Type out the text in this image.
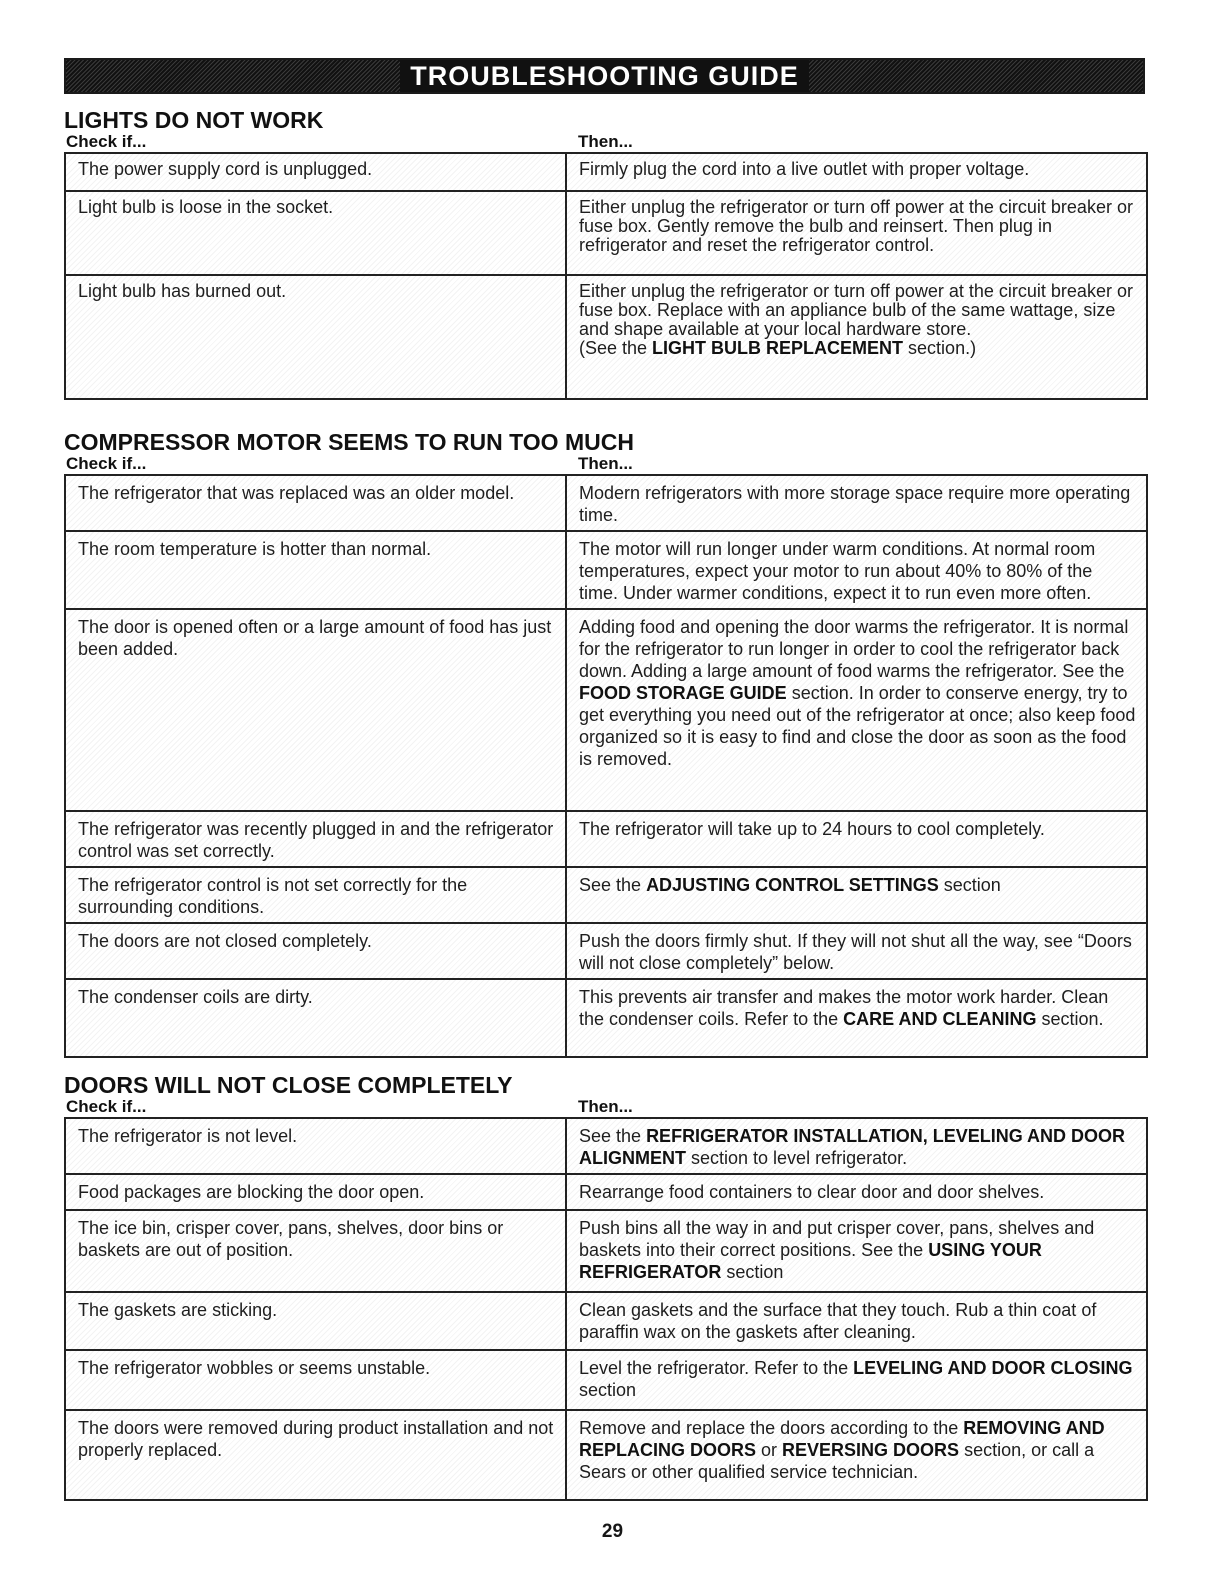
TROUBLESHOOTING GUIDE
LIGHTS DO NOT WORK
Check if...	Then...
The power supply cord is unplugged.	Firmly plug the cord into a live outlet with proper voltage.
Light bulb is loose in the socket.	Either unplug the refrigerator or turn off power at the circuit breaker or fuse box. Gently remove the bulb and reinsert. Then plug in refrigerator and reset the refrigerator control.
Light bulb has burned out.	Either unplug the refrigerator or turn off power at the circuit breaker or fuse box. Replace with an appliance bulb of the same wattage, size and shape available at your local hardware store.
(See the LIGHT BULB REPLACEMENT section.)
COMPRESSOR MOTOR SEEMS TO RUN TOO MUCH
Check if...	Then...
The refrigerator that was replaced was an older model.	Modern refrigerators with more storage space require more operating time.
The room temperature is hotter than normal.	The motor will run longer under warm conditions. At normal room temperatures, expect your motor to run about 40% to 80% of the time. Under warmer conditions, expect it to run even more often.
The door is opened often or a large amount of food has just been added.	Adding food and opening the door warms the refrigerator. It is normal for the refrigerator to run longer in order to cool the refrigerator back down. Adding a large amount of food warms the refrigerator. See the FOOD STORAGE GUIDE section. In order to conserve energy, try to get everything you need out of the refrigerator at once; also keep food organized so it is easy to find and close the door as soon as the food is removed.
The refrigerator was recently plugged in and the refrigerator control was set correctly.	The refrigerator will take up to 24 hours to cool completely.
The refrigerator control is not set correctly for the surrounding conditions.	See the ADJUSTING CONTROL SETTINGS section
The doors are not closed completely.	Push the doors firmly shut. If they will not shut all the way, see “Doors will not close completely” below.
The condenser coils are dirty.	This prevents air transfer and makes the motor work harder. Clean the condenser coils. Refer to the CARE AND CLEANING section.
DOORS WILL NOT CLOSE COMPLETELY
Check if...	Then...
The refrigerator is not level.	See the REFRIGERATOR INSTALLATION, LEVELING AND DOOR ALIGNMENT section to level refrigerator.
Food packages are blocking the door open.	Rearrange food containers to clear door and door shelves.
The ice bin, crisper cover, pans, shelves, door bins or baskets are out of position.	Push bins all the way in and put crisper cover, pans, shelves and baskets into their correct positions. See the USING YOUR REFRIGERATOR section
The gaskets are sticking.	Clean gaskets and the surface that they touch. Rub a thin coat of paraffin wax on the gaskets after cleaning.
The refrigerator wobbles or seems unstable.	Level the refrigerator. Refer to the LEVELING AND DOOR CLOSING section
The doors were removed during product installation and not properly replaced.	Remove and replace the doors according to the REMOVING AND REPLACING DOORS or REVERSING DOORS section, or call a Sears or other qualified service technician.
29
